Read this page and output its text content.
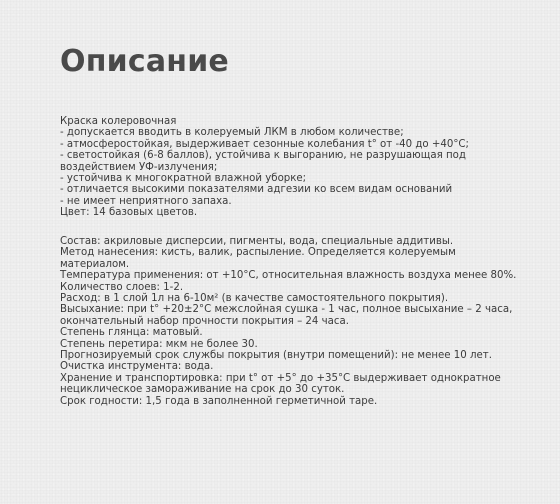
Описание
Краска колеровочная
- допускается вводить в колеруемый ЛКМ в любом количестве;
- атмосферостойкая, выдерживает сезонные колебания t° от -40 до +40°С;
- светостойкая (6-8 баллов), устойчива к выгоранию, не разрушающая под
воздействием УФ-излучения;
- устойчива к многократной влажной уборке;
- отличается высокими показателями адгезии ко всем видам оснований
- не имеет неприятного запаха.
Цвет: 14 базовых цветов.
Состав: акриловые дисперсии, пигменты, вода, специальные аддитивы.
Метод нанесения: кисть, валик, распыление. Определяется колеруемым
материалом.
Температура применения: от +10°С, относительная влажность воздуха менее 80%.
Количество слоев: 1-2.
Расход: в 1 слой 1л на 6-10м² (в качестве самостоятельного покрытия).
Высыхание: при t° +20±2°С межслойная сушка - 1 час, полное высыхание – 2 часа,
окончательный набор прочности покрытия – 24 часа.
Степень глянца: матовый.
Степень перетира: мкм не более 30.
Прогнозируемый срок службы покрытия (внутри помещений): не менее 10 лет.
Очистка инструмента: вода.
Хранение и транспортировка: при t° от +5° до +35°С выдерживает однократное
нециклическое замораживание на срок до 30 суток.
Срок годности: 1,5 года в заполненной герметичной таре.
